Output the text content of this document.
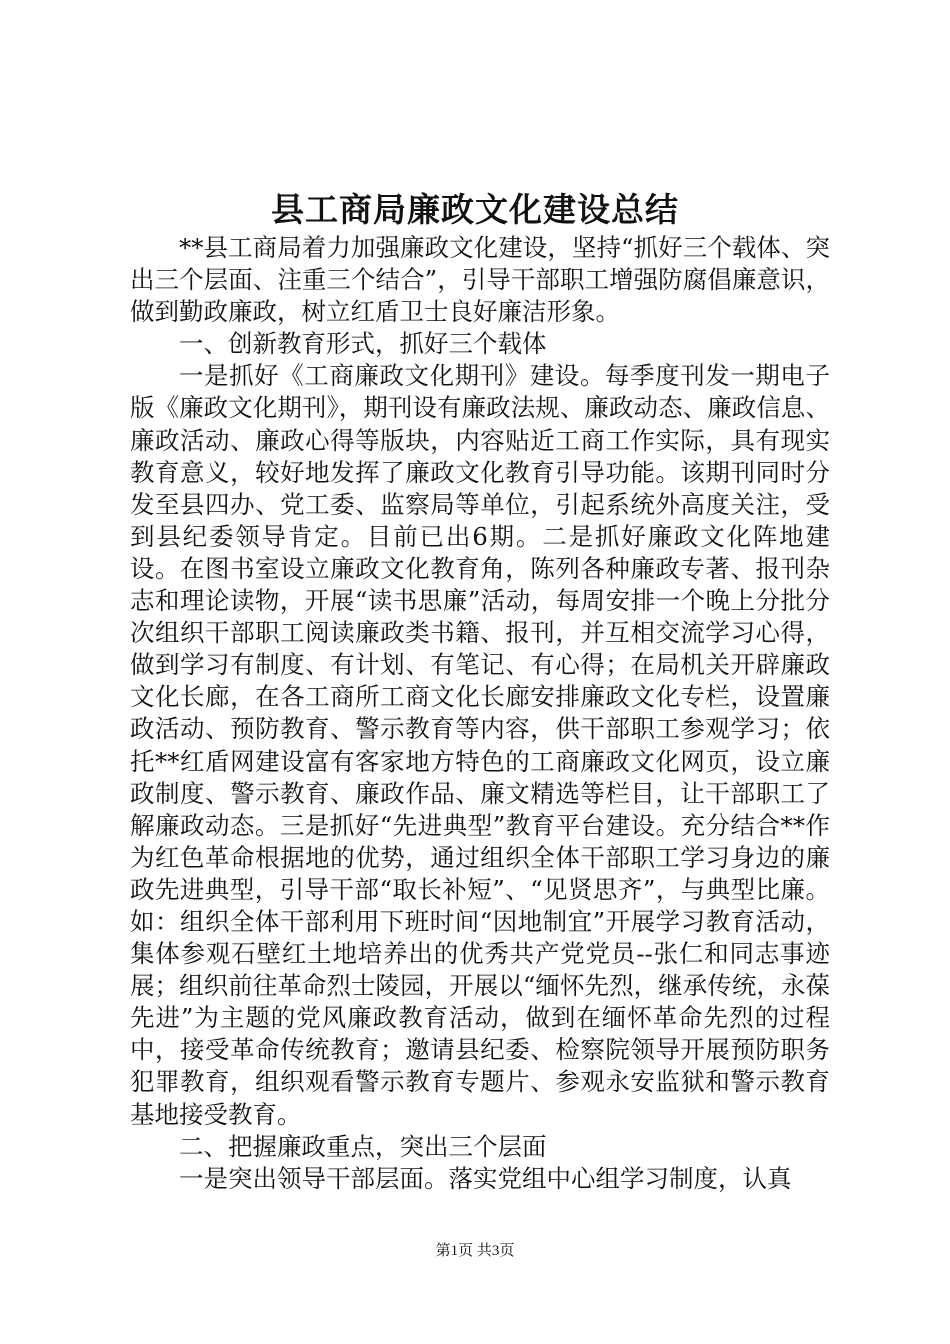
县工商局廉政文化建设总结

**县工商局着力加强廉政文化建设，坚持“抓好三个载体、突出三个层面、注重三个结合”，引导干部职工增强防腐倡廉意识，做到勤政廉政，树立红盾卫士良好廉洁形象。

一、创新教育形式，抓好三个载体

一是抓好《工商廉政文化期刊》建设。每季度刊发一期电子版《廉政文化期刊》，期刊设有廉政法规、廉政动态、廉政信息、廉政活动、廉政心得等版块，内容贴近工商工作实际，具有现实教育意义，较好地发挥了廉政文化教育引导功能。该期刊同时分发至县四办、党工委、监察局等单位，引起系统外高度关注，受到县纪委领导肯定。目前已出6期。二是抓好廉政文化阵地建设。在图书室设立廉政文化教育角，陈列各种廉政专著、报刊杂志和理论读物，开展“读书思廉”活动，每周安排一个晚上分批分次组织干部职工阅读廉政类书籍、报刊，并互相交流学习心得，做到学习有制度、有计划、有笔记、有心得；在局机关开辟廉政文化长廊，在各工商所工商文化长廊安排廉政文化专栏，设置廉政活动、预防教育、警示教育等内容，供干部职工参观学习；依托**红盾网建设富有客家地方特色的工商廉政文化网页，设立廉政制度、警示教育、廉政作品、廉文精选等栏目，让干部职工了解廉政动态。三是抓好“先进典型”教育平台建设。充分结合**作为红色革命根据地的优势，通过组织全体干部职工学习身边的廉政先进典型，引导干部“取长补短”、“见贤思齐”，与典型比廉。如：组织全体干部利用下班时间“因地制宜”开展学习教育活动，集体参观石壁红土地培养出的优秀共产党党员--张仁和同志事迹展；组织前往革命烈士陵园，开展以“缅怀先烈，继承传统，永葆先进”为主题的党风廉政教育活动，做到在缅怀革命先烈的过程中，接受革命传统教育；邀请县纪委、检察院领导开展预防职务犯罪教育，组织观看警示教育专题片、参观永安监狱和警示教育基地接受教育。

二、把握廉政重点，突出三个层面

一是突出领导干部层面。落实党组中心组学习制度，认真

第1页 共3页
